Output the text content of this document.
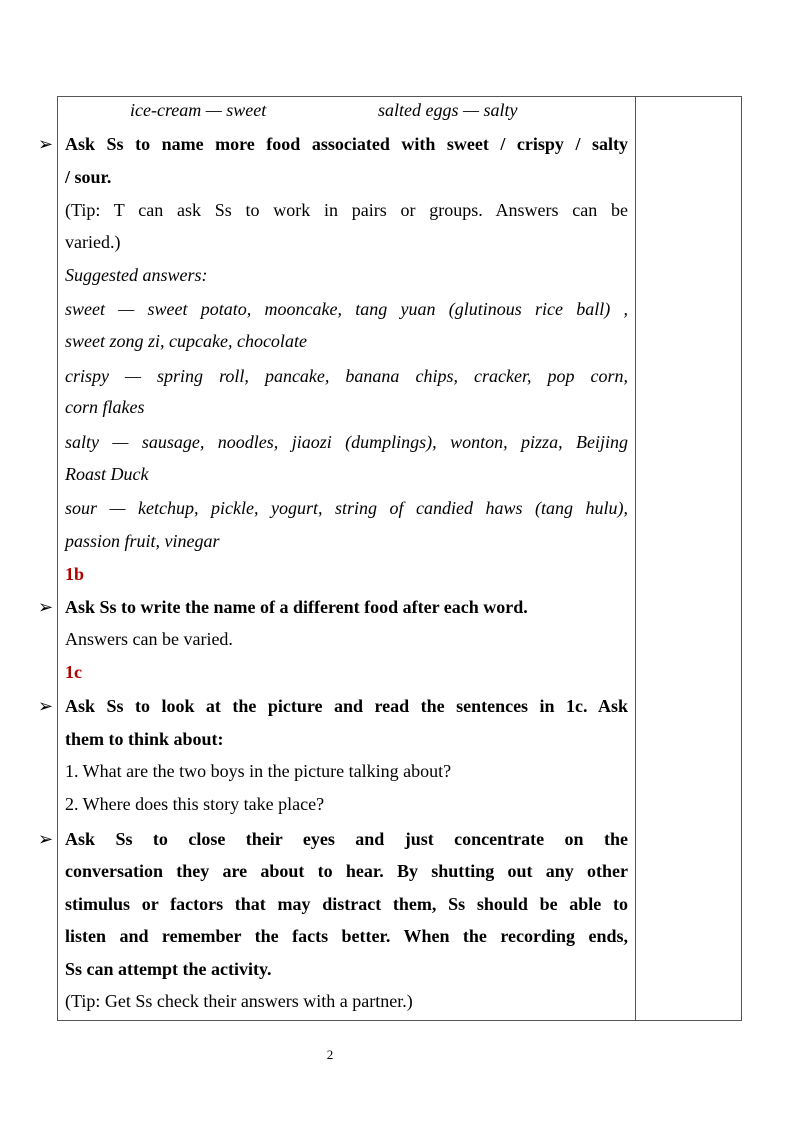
ice-cream — sweet	salted eggs — salty
➢ Ask Ss to name more food associated with sweet / crispy / salty
/ sour.
(Tip: T can ask Ss to work in pairs or groups. Answers can be
varied.)
Suggested answers:
sweet — sweet potato, mooncake, tang yuan (glutinous rice ball) ,
sweet zong zi, cupcake, chocolate
crispy — spring roll, pancake, banana chips, cracker, pop corn,
corn flakes
salty — sausage, noodles, jiaozi (dumplings), wonton, pizza, Beijing
Roast Duck
sour — ketchup, pickle, yogurt, string of candied haws (tang hulu),
passion fruit, vinegar
1b
➢ Ask Ss to write the name of a different food after each word.
Answers can be varied.
1c
➢ Ask Ss to look at the picture and read the sentences in 1c. Ask
them to think about:
1. What are the two boys in the picture talking about?
2. Where does this story take place?
➢ Ask Ss to close their eyes and just concentrate on the
conversation they are about to hear. By shutting out any other
stimulus or factors that may distract them, Ss should be able to
listen and remember the facts better. When the recording ends,
Ss can attempt the activity.
(Tip: Get Ss check their answers with a partner.)
2
